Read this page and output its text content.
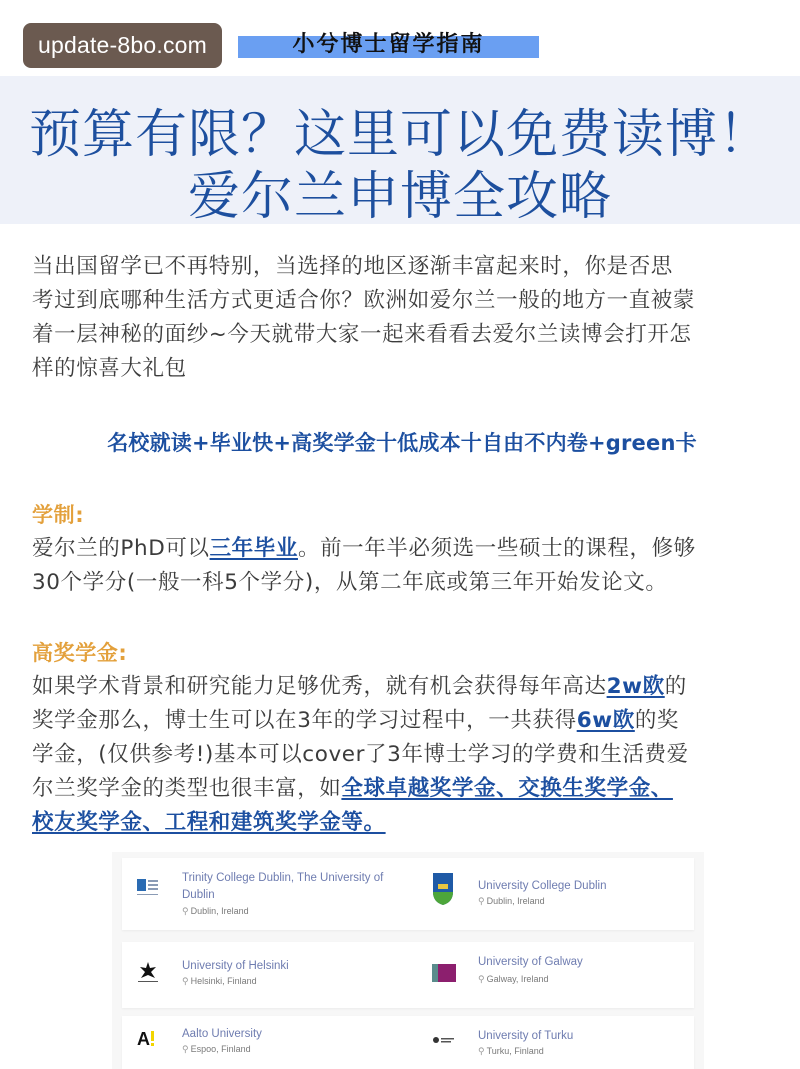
update-8bo.com	小兮博士留学指南
预算有限？这里可以免费读博！
爱尔兰申博全攻略
当出国留学已不再特别，当选择的地区逐渐丰富起来时，你是否思
考过到底哪种生活方式更适合你？欧洲如爱尔兰一般的地方一直被蒙
着一层神秘的面纱~今天就带大家一起来看看去爱尔兰读博会打开怎
样的惊喜大礼包
名校就读+毕业快+高奖学金十低成本十自由不内卷+green卡
学制:
爱尔兰的PhD可以三年毕业。前一年半必须选一些硕士的课程，修够
30个学分(一般一科5个学分)，从第二年底或第三年开始发论文。
高奖学金:
如果学术背景和研究能力足够优秀，就有机会获得每年高达2w欧的
奖学金那么，博士生可以在3年的学习过程中，一共获得6w欧的奖
学金，(仅供参考!)基本可以cover了3年博士学习的学费和生活费爱
尔兰奖学金的类型也很丰富，如全球卓越奖学金、交换生奖学金、
校友奖学金、工程和建筑奖学金等。
Trinity College Dublin, The University of Dublin
⚲ Dublin, Ireland
University College Dublin
⚲ Dublin, Ireland
University of Helsinki
⚲ Helsinki, Finland
University of Galway
⚲ Galway, Ireland
A	Aalto University
⚲ Espoo, Finland
University of Turku
⚲ Turku, Finland
